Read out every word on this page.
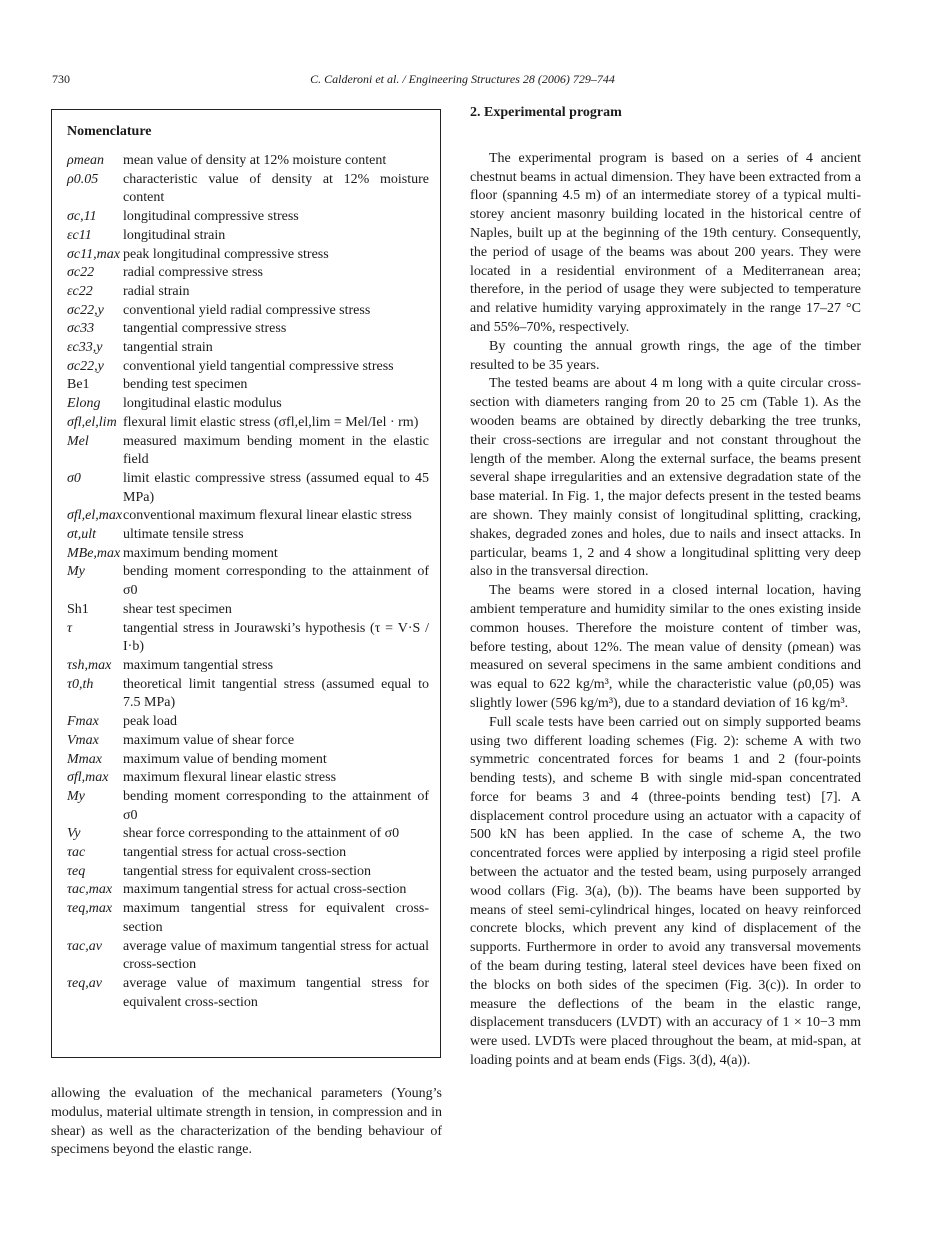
730	C. Calderoni et al. / Engineering Structures 28 (2006) 729–744
Nomenclature
ρmean	mean value of density at 12% moisture content
ρ0.05	characteristic value of density at 12% moisture content
σc,11	longitudinal compressive stress
εc11	longitudinal strain
σc11,max peak longitudinal compressive stress
σc22	radial compressive stress
εc22	radial strain
σc22,y	conventional yield radial compressive stress
σc33	tangential compressive stress
εc33,y	tangential strain
σc22,y	conventional yield tangential compressive stress
Be1	bending test specimen
Elong	longitudinal elastic modulus
σfl,el,lim flexural limit elastic stress (σfl,el,lim = Mel/Iel · rm)
Mel	measured maximum bending moment in the elastic field
σ0	limit elastic compressive stress (assumed equal to 45 MPa)
σfl,el,max conventional maximum flexural linear elastic stress
σt,ult	ultimate tensile stress
MBe,max maximum bending moment
My	bending moment corresponding to the attainment of σ0
Sh1	shear test specimen
τ	tangential stress in Jourawski’s hypothesis (τ = V·S / I·b)
τsh,max maximum tangential stress
τ0,th	theoretical limit tangential stress (assumed equal to 7.5 MPa)
Fmax	peak load
Vmax	maximum value of shear force
Mmax	maximum value of bending moment
σfl,max	maximum flexural linear elastic stress
My	bending moment corresponding to the attainment of σ0
Vy	shear force corresponding to the attainment of σ0
τac	tangential stress for actual cross-section
τeq	tangential stress for equivalent cross-section
τac,max maximum tangential stress for actual cross-section
τeq,max maximum tangential stress for equivalent cross-section
τac,av	average value of maximum tangential stress for actual cross-section
τeq,av	average value of maximum tangential stress for equivalent cross-section

allowing the evaluation of the mechanical parameters (Young’s modulus, material ultimate strength in tension, in compression and in shear) as well as the characterization of the bending behaviour of specimens beyond the elastic range.

2. Experimental program

The experimental program is based on a series of 4 ancient chestnut beams in actual dimension. They have been extracted from a floor (spanning 4.5 m) of an intermediate storey of a typical multi-storey ancient masonry building located in the historical centre of Naples, built up at the beginning of the 19th century. Consequently, the period of usage of the beams was about 200 years. They were located in a residential environment of a Mediterranean area; therefore, in the period of usage they were subjected to temperature and relative humidity varying approximately in the range 17–27 °C and 55%–70%, respectively.

By counting the annual growth rings, the age of the timber resulted to be 35 years.

The tested beams are about 4 m long with a quite circular cross-section with diameters ranging from 20 to 25 cm (Table 1). As the wooden beams are obtained by directly debarking the tree trunks, their cross-sections are irregular and not constant throughout the length of the member. Along the external surface, the beams present several shape irregularities and an extensive degradation state of the base material. In Fig. 1, the major defects present in the tested beams are shown. They mainly consist of longitudinal splitting, cracking, shakes, degraded zones and holes, due to nails and insect attacks. In particular, beams 1, 2 and 4 show a longitudinal splitting very deep also in the transversal direction.

The beams were stored in a closed internal location, having ambient temperature and humidity similar to the ones existing inside common houses. Therefore the moisture content of timber was, before testing, about 12%. The mean value of density (ρmean) was measured on several specimens in the same ambient conditions and was equal to 622 kg/m³, while the characteristic value (ρ0,05) was slightly lower (596 kg/m³), due to a standard deviation of 16 kg/m³.

Full scale tests have been carried out on simply supported beams using two different loading schemes (Fig. 2): scheme A with two symmetric concentrated forces for beams 1 and 2 (four-points bending tests), and scheme B with single mid-span concentrated force for beams 3 and 4 (three-points bending test) [7]. A displacement control procedure using an actuator with a capacity of 500 kN has been applied. In the case of scheme A, the two concentrated forces were applied by interposing a rigid steel profile between the actuator and the tested beam, using purposely arranged wood collars (Fig. 3(a), (b)). The beams have been supported by means of steel semi-cylindrical hinges, located on heavy reinforced concrete blocks, which prevent any kind of displacement of the supports. Furthermore in order to avoid any transversal movements of the beam during testing, lateral steel devices have been fixed on the blocks on both sides of the specimen (Fig. 3(c)). In order to measure the deflections of the beam in the elastic range, displacement transducers (LVDT) with an accuracy of 1 × 10−3 mm were used. LVDTs were placed throughout the beam, at mid-span, at loading points and at beam ends (Figs. 3(d), 4(a)).
